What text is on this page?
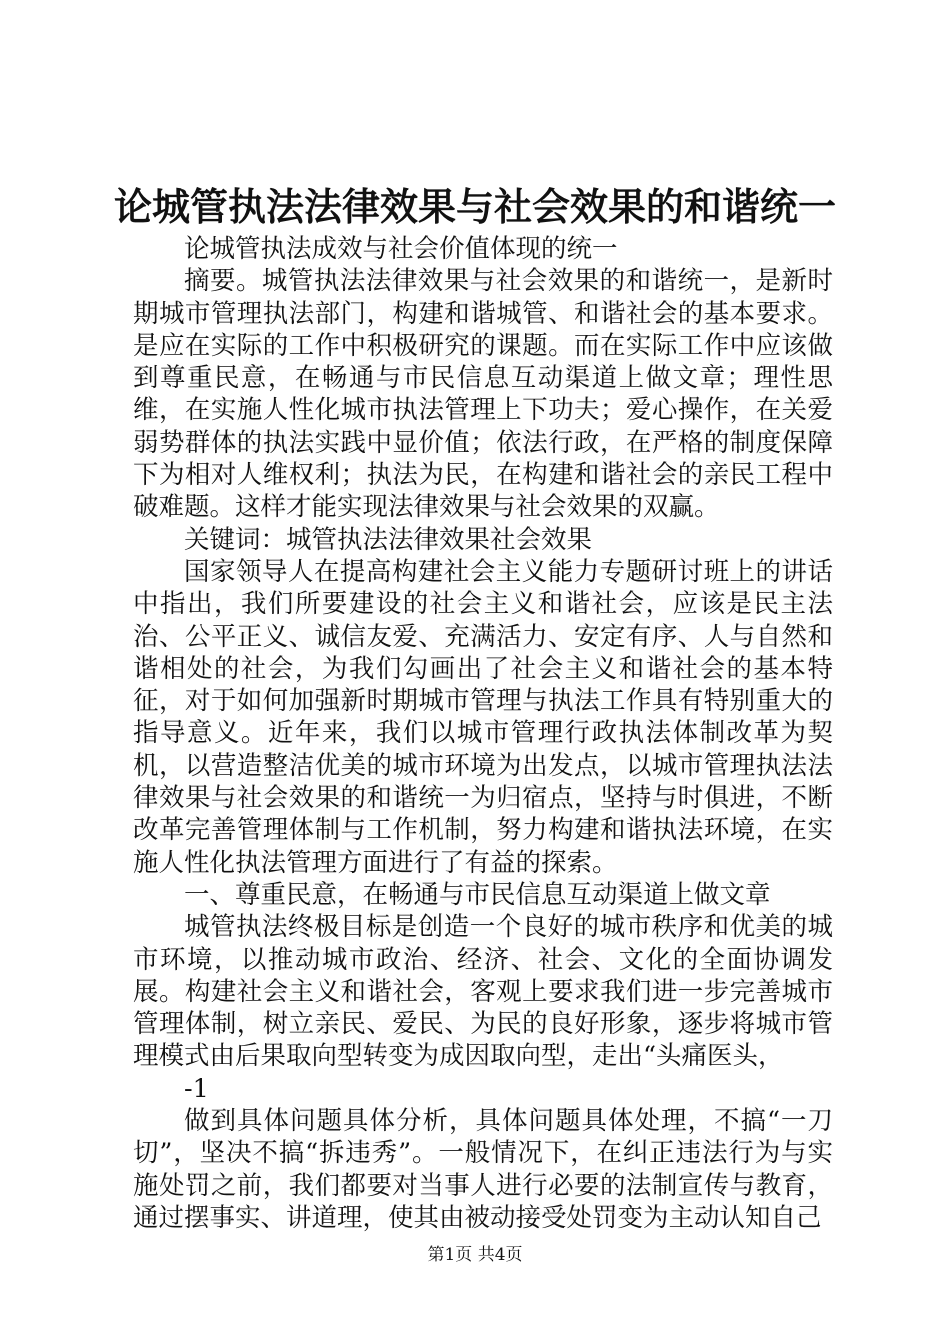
论城管执法法律效果与社会效果的和谐统一

论城管执法成效与社会价值体现的统一

摘要。城管执法法律效果与社会效果的和谐统一，是新时期城市管理执法部门，构建和谐城管、和谐社会的基本要求。是应在实际的工作中积极研究的课题。而在实际工作中应该做到尊重民意，在畅通与市民信息互动渠道上做文章；理性思维，在实施人性化城市执法管理上下功夫；爱心操作，在关爱弱势群体的执法实践中显价值；依法行政，在严格的制度保障下为相对人维权利；执法为民，在构建和谐社会的亲民工程中破难题。这样才能实现法律效果与社会效果的双赢。

关键词：城管执法法律效果社会效果

国家领导人在提高构建社会主义能力专题研讨班上的讲话中指出，我们所要建设的社会主义和谐社会，应该是民主法治、公平正义、诚信友爱、充满活力、安定有序、人与自然和谐相处的社会，为我们勾画出了社会主义和谐社会的基本特征，对于如何加强新时期城市管理与执法工作具有特别重大的指导意义。近年来，我们以城市管理行政执法体制改革为契机，以营造整洁优美的城市环境为出发点，以城市管理执法法律效果与社会效果的和谐统一为归宿点，坚持与时俱进，不断改革完善管理体制与工作机制，努力构建和谐执法环境，在实施人性化执法管理方面进行了有益的探索。

一、尊重民意，在畅通与市民信息互动渠道上做文章

城管执法终极目标是创造一个良好的城市秩序和优美的城市环境，以推动城市政治、经济、社会、文化的全面协调发展。构建社会主义和谐社会，客观上要求我们进一步完善城市管理体制，树立亲民、爱民、为民的良好形象，逐步将城市管理模式由后果取向型转变为成因取向型，走出“头痛医头，

-1

做到具体问题具体分析，具体问题具体处理，不搞“一刀切”，坚决不搞“拆违秀”。一般情况下，在纠正违法行为与实施处罚之前，我们都要对当事人进行必要的法制宣传与教育，通过摆事实、讲道理，使其由被动接受处罚变为主动认知自己

第1页 共4页
